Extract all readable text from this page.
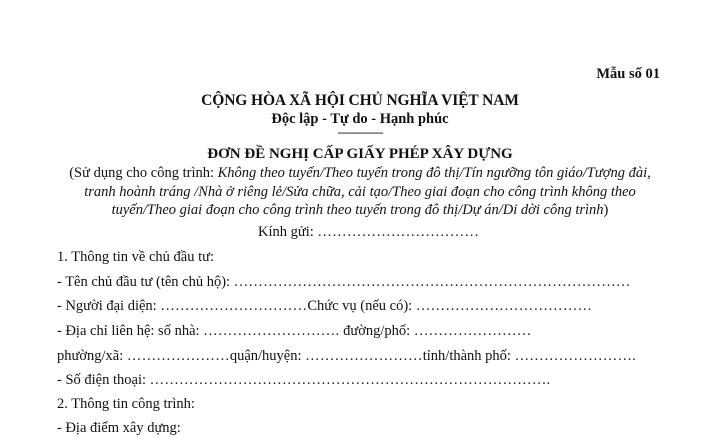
Mẫu số 01
CỘNG HÒA XÃ HỘI CHỦ NGHĨA VIỆT NAM
Độc lập - Tự do - Hạnh phúc
---------------
ĐƠN ĐỀ NGHỊ CẤP GIẤY PHÉP XÂY DỰNG
(Sử dụng cho công trình: Không theo tuyến/Theo tuyến trong đô thị/Tín ngưỡng tôn giáo/Tượng đài,
tranh hoành tráng /Nhà ở riêng lẻ/Sửa chữa, cải tạo/Theo giai đoạn cho công trình không theo
tuyến/Theo giai đoạn cho công trình theo tuyến trong đô thị/Dự án/Di dời công trình)
Kính gửi: ……………………………
1. Thông tin về chủ đầu tư:
- Tên chủ đầu tư (tên chủ hộ): ………………………………………………………………………
- Người đại diện: …………………………Chức vụ (nếu có): ………………………………
- Địa chỉ liên hệ: số nhà: ………………………. đường/phố: ……………………
phường/xã: …………………quận/huyện: ……………………tỉnh/thành phố: …………………….
- Số điện thoại: ……………………………………………………………………….
2. Thông tin công trình:
- Địa điểm xây dựng:
